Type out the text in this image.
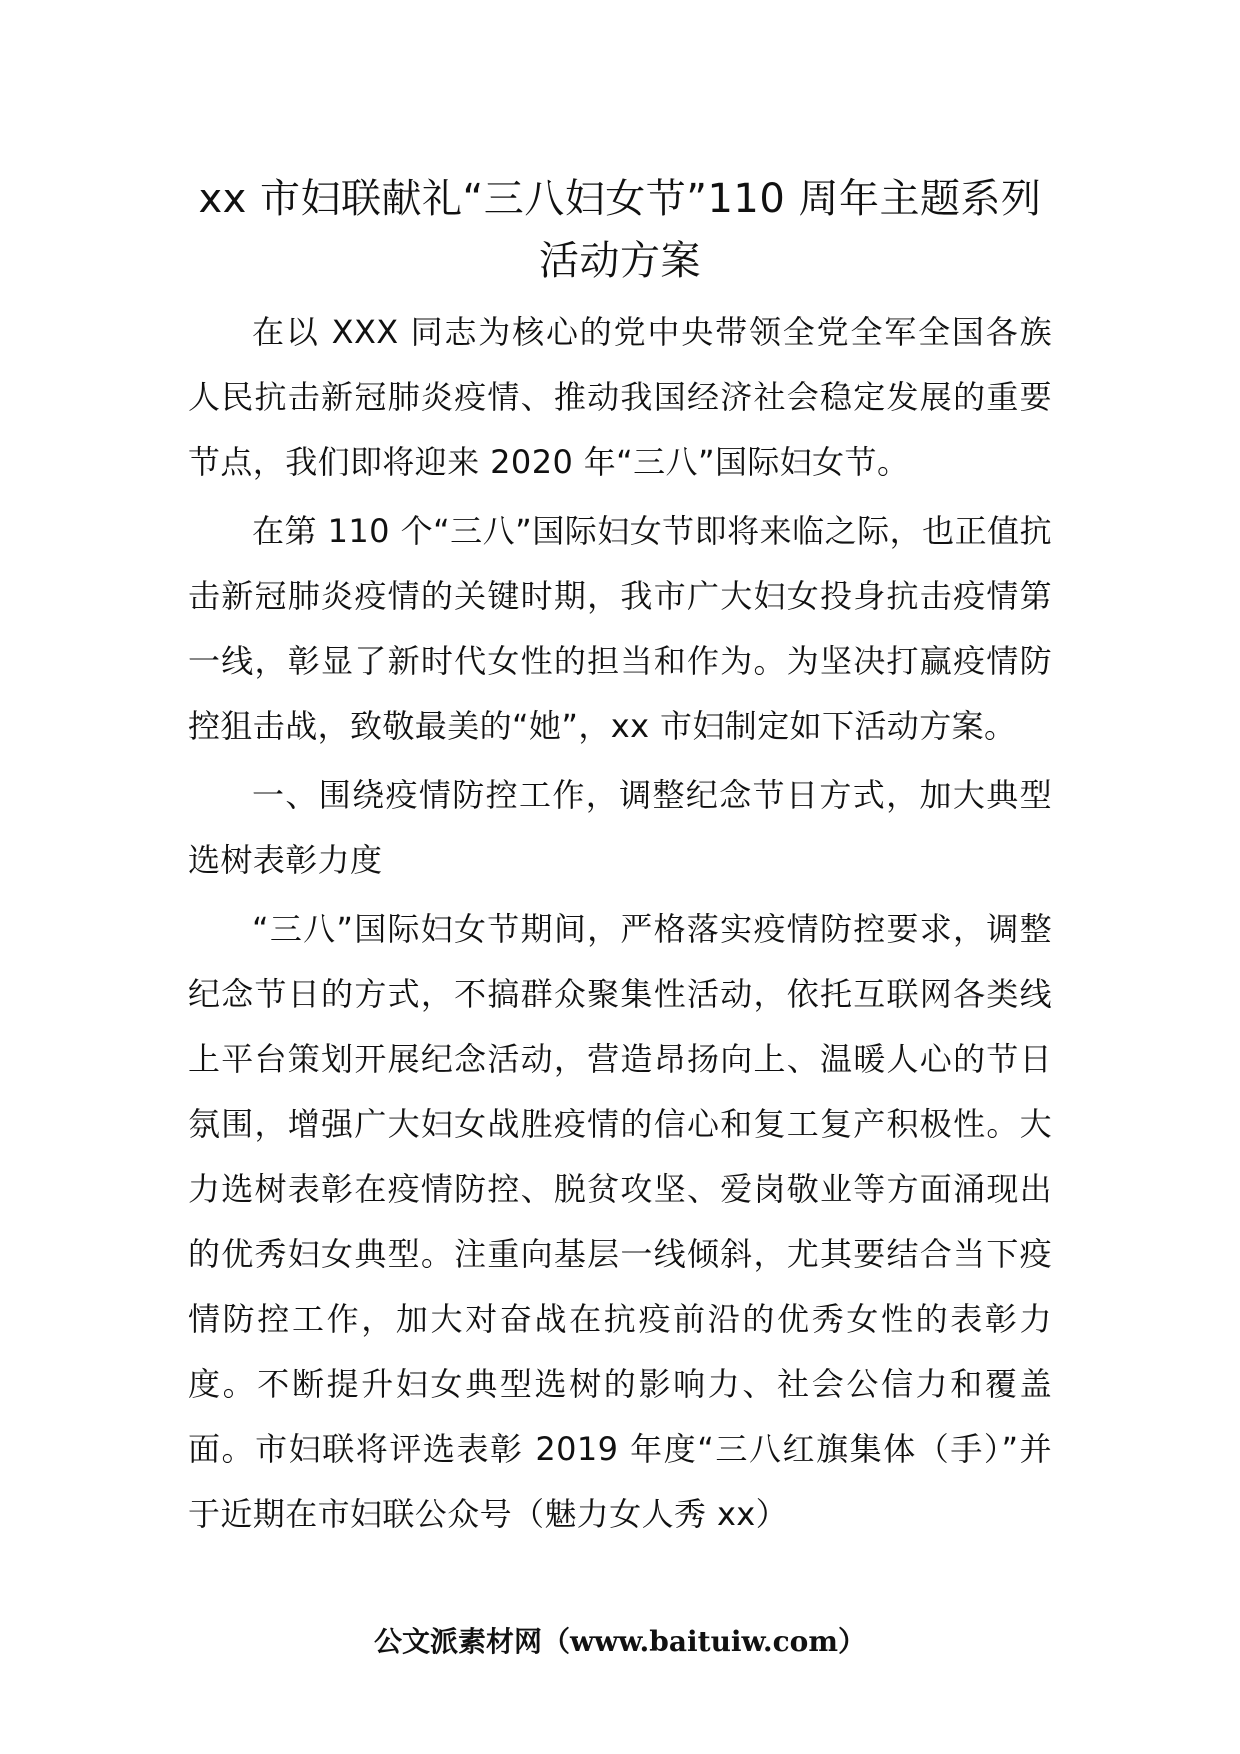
xx 市妇联献礼“三八妇女节”110 周年主题系列活动方案

在以 XXX 同志为核心的党中央带领全党全军全国各族人民抗击新冠肺炎疫情、推动我国经济社会稳定发展的重要节点，我们即将迎来 2020 年“三八”国际妇女节。

在第 110 个“三八”国际妇女节即将来临之际，也正值抗击新冠肺炎疫情的关键时期，我市广大妇女投身抗击疫情第一线，彰显了新时代女性的担当和作为。为坚决打赢疫情防控狙击战，致敬最美的“她”，xx 市妇制定如下活动方案。

一、围绕疫情防控工作，调整纪念节日方式，加大典型选树表彰力度

“三八”国际妇女节期间，严格落实疫情防控要求，调整纪念节日的方式，不搞群众聚集性活动，依托互联网各类线上平台策划开展纪念活动，营造昂扬向上、温暖人心的节日氛围，增强广大妇女战胜疫情的信心和复工复产积极性。大力选树表彰在疫情防控、脱贫攻坚、爱岗敬业等方面涌现出的优秀妇女典型。注重向基层一线倾斜，尤其要结合当下疫情防控工作，加大对奋战在抗疫前沿的优秀女性的表彰力度。不断提升妇女典型选树的影响力、社会公信力和覆盖面。市妇联将评选表彰 2019 年度“三八红旗集体（手）”并于近期在市妇联公众号（魅力女人秀 xx）

公文派素材网（www.baituiw.com）
